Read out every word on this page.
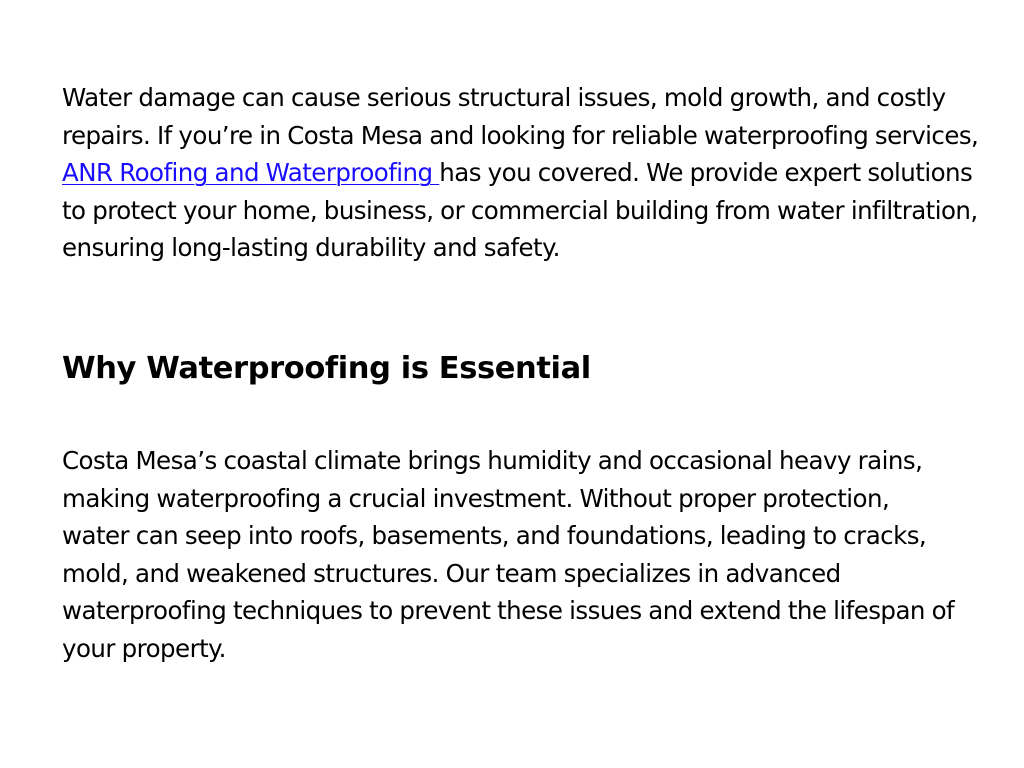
Water damage can cause serious structural issues, mold growth, and costly repairs. If you’re in Costa Mesa and looking for reliable waterproofing services, ANR Roofing and Waterproofing has you covered. We provide expert solutions to protect your home, business, or commercial building from water infiltration, ensuring long-lasting durability and safety.

Why Waterproofing is Essential

Costa Mesa’s coastal climate brings humidity and occasional heavy rains, making waterproofing a crucial investment. Without proper protection, water can seep into roofs, basements, and foundations, leading to cracks, mold, and weakened structures. Our team specializes in advanced waterproofing techniques to prevent these issues and extend the lifespan of your property.
